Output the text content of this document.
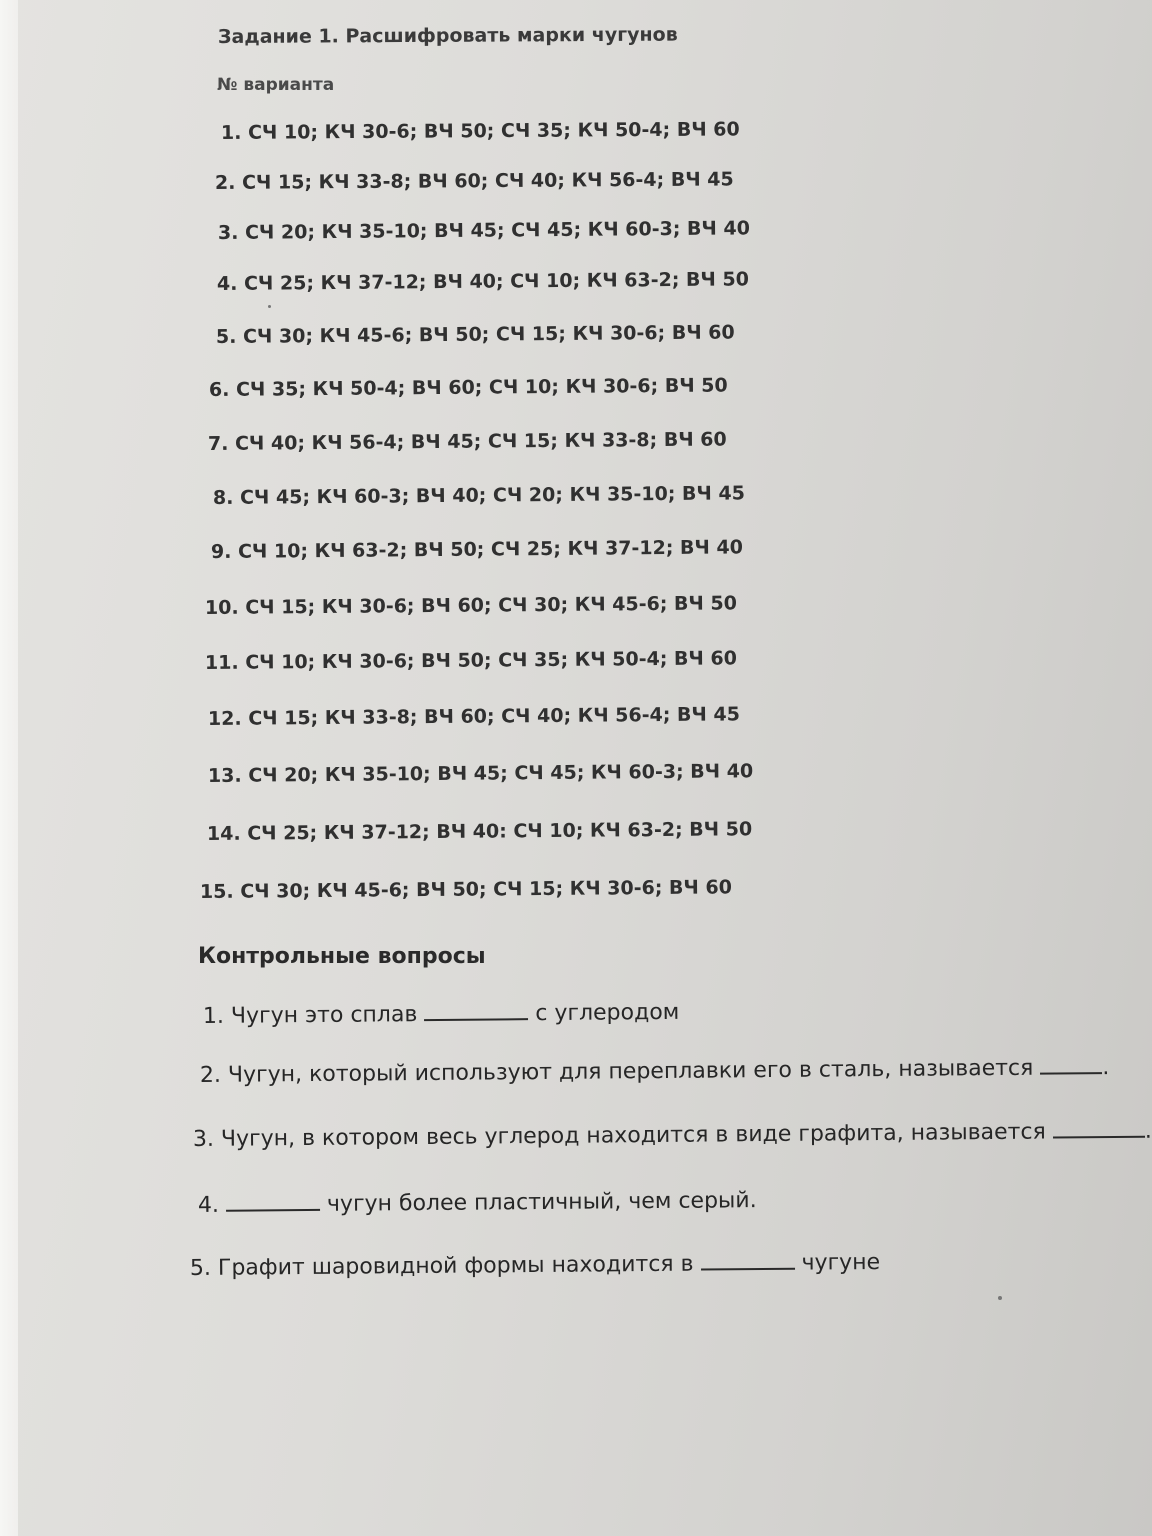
Задание 1. Расшифровать марки чугунов
№ варианта
1. СЧ 10; КЧ 30-6; ВЧ 50; СЧ 35; КЧ 50-4; ВЧ 60
2. СЧ 15; КЧ 33-8; ВЧ 60; СЧ 40; КЧ 56-4; ВЧ 45
3. СЧ 20; КЧ 35-10; ВЧ 45; СЧ 45; КЧ 60-3; ВЧ 40
4. СЧ 25; КЧ 37-12; ВЧ 40; СЧ 10; КЧ 63-2; ВЧ 50
5. СЧ 30; КЧ 45-6; ВЧ 50; СЧ 15; КЧ 30-6; ВЧ 60
6. СЧ 35; КЧ 50-4; ВЧ 60; СЧ 10; КЧ 30-6; ВЧ 50
7. СЧ 40; КЧ 56-4; ВЧ 45; СЧ 15; КЧ 33-8; ВЧ 60
8. СЧ 45; КЧ 60-3; ВЧ 40; СЧ 20; КЧ 35-10; ВЧ 45
9. СЧ 10; КЧ 63-2; ВЧ 50; СЧ 25; КЧ 37-12; ВЧ 40
10. СЧ 15; КЧ 30-6; ВЧ 60; СЧ 30; КЧ 45-6; ВЧ 50
11. СЧ 10; КЧ 30-6; ВЧ 50; СЧ 35; КЧ 50-4; ВЧ 60
12. СЧ 15; КЧ 33-8; ВЧ 60; СЧ 40; КЧ 56-4; ВЧ 45
13. СЧ 20; КЧ 35-10; ВЧ 45; СЧ 45; КЧ 60-3; ВЧ 40
14. СЧ 25; КЧ 37-12; ВЧ 40: СЧ 10; КЧ 63-2; ВЧ 50
15. СЧ 30; КЧ 45-6; ВЧ 50; СЧ 15; КЧ 30-6; ВЧ 60
Контрольные вопросы
1. Чугун это сплав	с углеродом
2. Чугун, который используют для переплавки его в сталь, называется	.
3. Чугун, в котором весь углерод находится в виде графита, называется	.
4.	чугун более пластичный, чем серый.
5. Графит шаровидной формы находится в	чугуне
